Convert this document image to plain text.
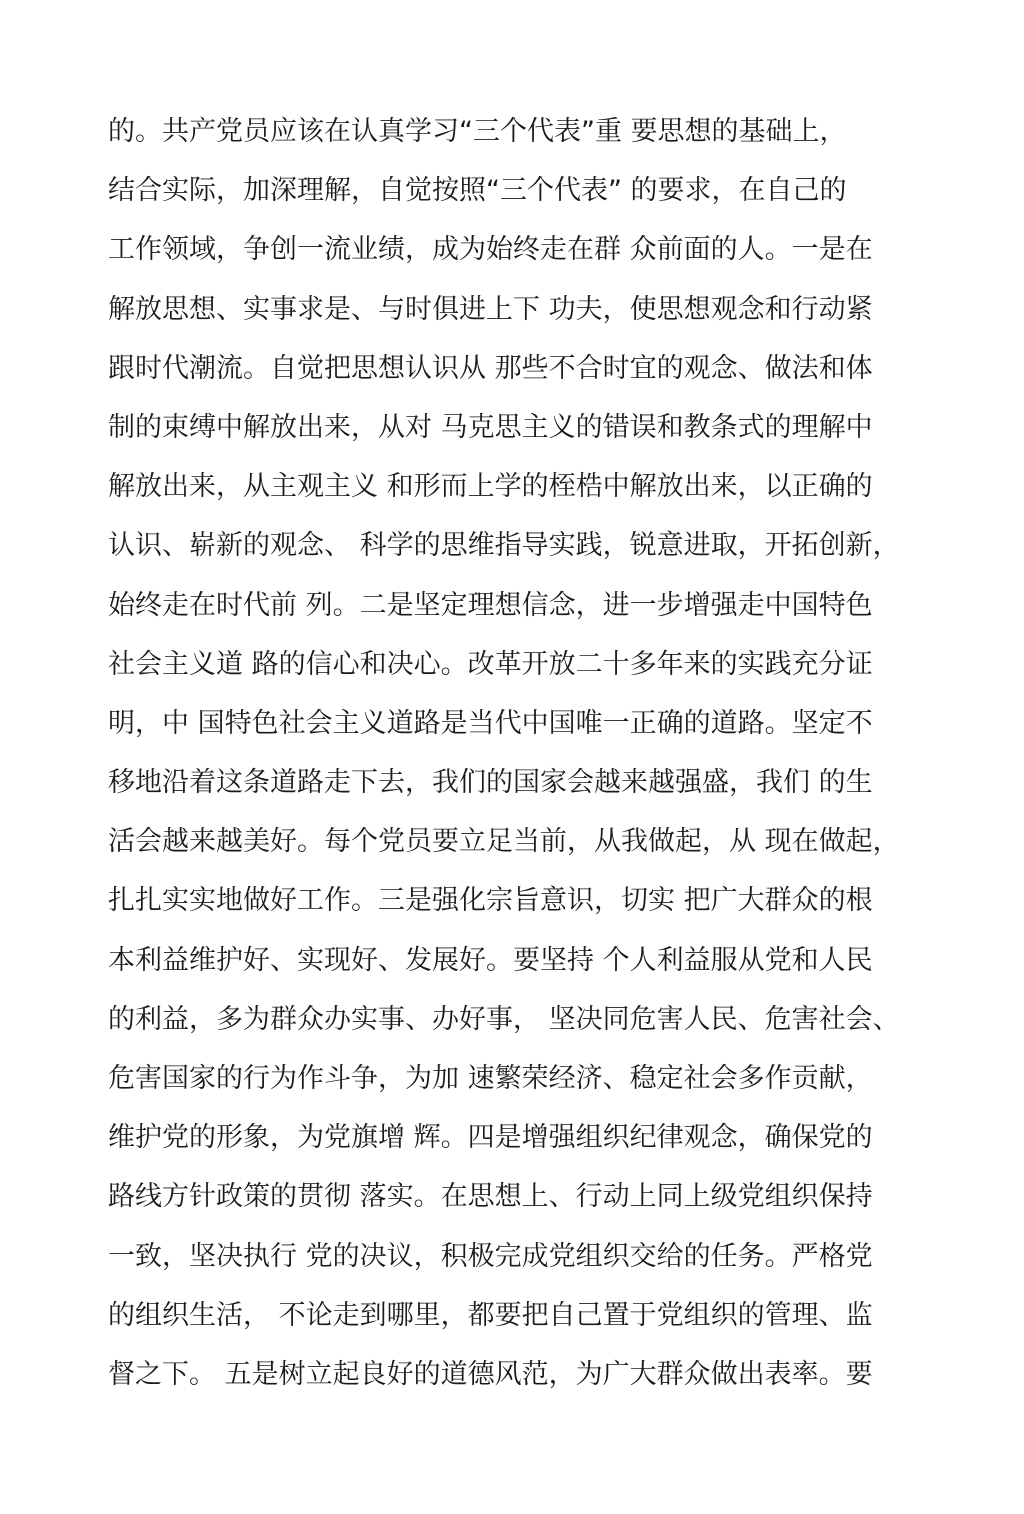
的。共产党员应该在认真学习“三个代表”重 要思想的基础上，
结合实际，加深理解，自觉按照“三个代表” 的要求，在自己的
工作领域，争创一流业绩，成为始终走在群 众前面的人。一是在
解放思想、实事求是、与时俱进上下 功夫，使思想观念和行动紧
跟时代潮流。自觉把思想认识从 那些不合时宜的观念、做法和体
制的束缚中解放出来，从对 马克思主义的错误和教条式的理解中
解放出来，从主观主义 和形而上学的桎梏中解放出来，以正确的
认识、崭新的观念、 科学的思维指导实践，锐意进取，开拓创新，
始终走在时代前 列。二是坚定理想信念，进一步增强走中国特色
社会主义道 路的信心和决心。改革开放二十多年来的实践充分证
明，中 国特色社会主义道路是当代中国唯一正确的道路。坚定不
移地沿着这条道路走下去，我们的国家会越来越强盛，我们 的生
活会越来越美好。每个党员要立足当前，从我做起，从 现在做起，
扎扎实实地做好工作。三是强化宗旨意识，切实 把广大群众的根
本利益维护好、实现好、发展好。要坚持 个人利益服从党和人民
的利益，多为群众办实事、办好事， 坚决同危害人民、危害社会、
危害国家的行为作斗争，为加 速繁荣经济、稳定社会多作贡献，
维护党的形象，为党旗增 辉。四是增强组织纪律观念，确保党的
路线方针政策的贯彻 落实。在思想上、行动上同上级党组织保持
一致，坚决执行 党的决议，积极完成党组织交给的任务。严格党
的组织生活， 不论走到哪里，都要把自己置于党组织的管理、监
督之下。 五是树立起良好的道德风范，为广大群众做出表率。要
